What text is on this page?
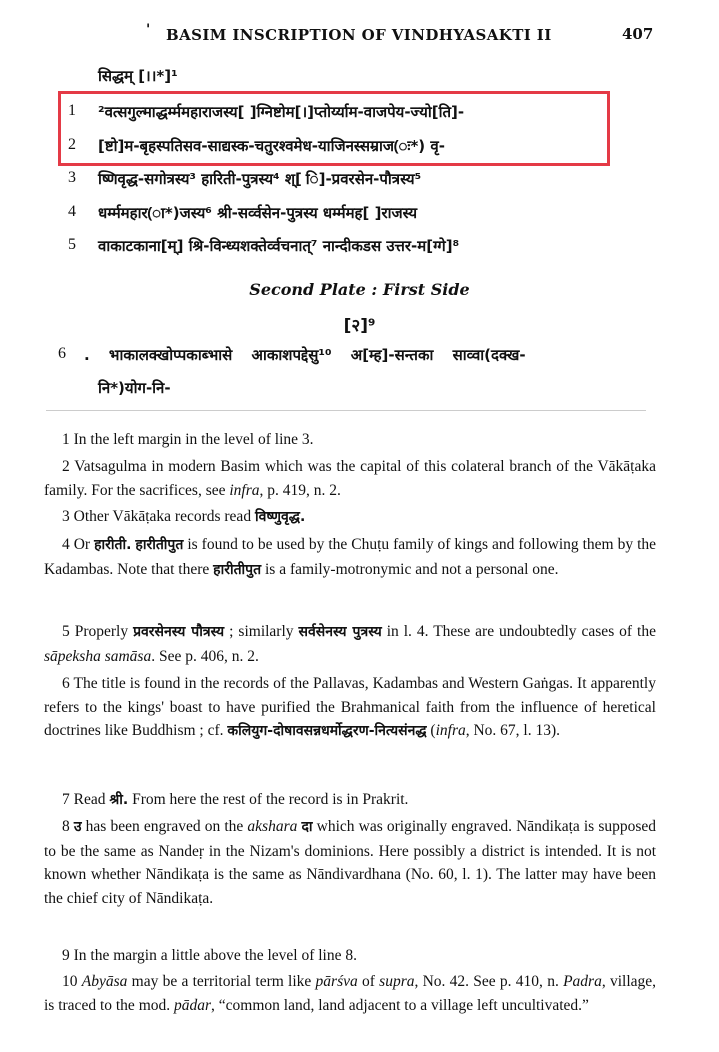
' BASIM INSCRIPTION OF VINDHYASAKTI II	407
सिद्धम् [।।*]¹
1 ²वत्सगुल्माद्धर्म्ममहाराजस्य[ ]ग्निष्टोम[।]प्तोर्य्याम-वाजपेय-ज्यो[ति]-
2 [ष्टो]म-बृहस्पतिसव-साद्यस्क-चतुरश्वमेध-याजिनस्सम्राज(ः*) वृ-
3 ष्णिवृद्ध-सगोत्रस्य³ हारिती-पुत्रस्य⁴ श्[ ि]-प्रवरसेन-पौत्रस्य⁵
4 धर्म्ममहार(ा*)जस्य⁶ श्री-सर्व्वसेन-पुत्रस्य धर्म्ममह[ ]राजस्य
5 वाकाटकाना[म्] श्रि-विन्ध्यशक्तेर्व्वचनात्⁷ नान्दीकडस उत्तर-म[ग्गे]⁸
Second Plate : First Side
[२]⁹
6 . भाकालक्खोप्पकाब्भासे आकाशपद्देसु¹⁰ अ[म्ह]-सन्तका साव्वा(दक्ख-
नि*)योग-नि-
1 In the left margin in the level of line 3.
2 Vatsagulma in modern Basim which was the capital of this colateral branch of the Vākāṭaka family. For the sacrifices, see infra, p. 419, n. 2.
3 Other Vākāṭaka records read विष्णुवृद्ध.
4 Or हारीती. हारीतीपुत is found to be used by the Chuṭu family of kings and following them by the Kadambas. Note that there हारीतीपुत is a family-motronymic and not a personal one.
5 Properly प्रवरसेनस्य पौत्रस्य ; similarly सर्वसेनस्य पुत्रस्य in l. 4. These are undoubtedly cases of the sāpeksha samāsa. See p. 406, n. 2.
6 The title is found in the records of the Pallavas, Kadambas and Western Gaṅgas. It apparently refers to the kings' boast to have purified the Brahmanical faith from the influence of heretical doctrines like Buddhism ; cf. कलियुग-दोषावसन्नधर्मोद्धरण-नित्यसंनद्ध (infra, No. 67, l. 13).
7 Read श्री. From here the rest of the record is in Prakrit.
8 उ has been engraved on the akshara दा which was originally engraved. Nāndikaṭa is supposed to be the same as Nandeṛ in the Nizam's dominions. Here possibly a district is intended. It is not known whether Nāndikaṭa is the same as Nāndivardhana (No. 60, l. 1). The latter may have been the chief city of Nāndikaṭa.
9 In the margin a little above the level of line 8.
10 Abyāsa may be a territorial term like pārśva of supra, No. 42. See p. 410, n. Padra, village, is traced to the mod. pādar, “common land, land adjacent to a village left uncultivated.”
